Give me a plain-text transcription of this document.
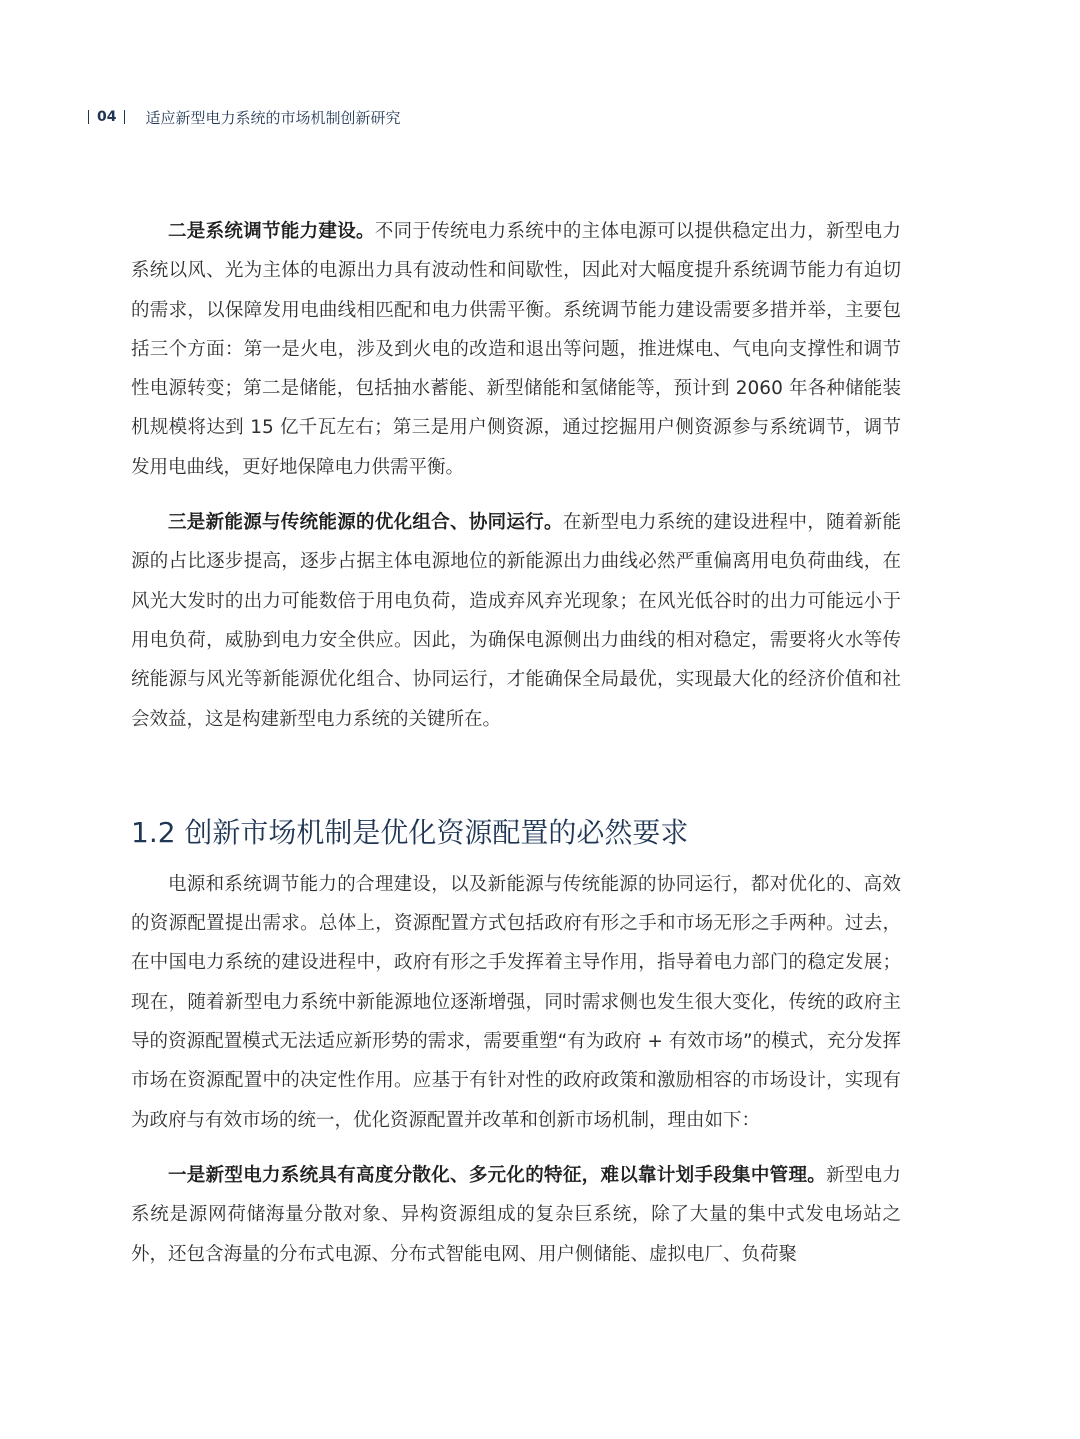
04 适应新型电力系统的市场机制创新研究

二是系统调节能力建设。不同于传统电力系统中的主体电源可以提供稳定出力，新型电力系统以风、光为主体的电源出力具有波动性和间歇性，因此对大幅度提升系统调节能力有迫切的需求，以保障发用电曲线相匹配和电力供需平衡。系统调节能力建设需要多措并举，主要包括三个方面：第一是火电，涉及到火电的改造和退出等问题，推进煤电、气电向支撑性和调节性电源转变；第二是储能，包括抽水蓄能、新型储能和氢储能等，预计到 2060 年各种储能装机规模将达到 15 亿千瓦左右；第三是用户侧资源，通过挖掘用户侧资源参与系统调节，调节发用电曲线，更好地保障电力供需平衡。

三是新能源与传统能源的优化组合、协同运行。在新型电力系统的建设进程中，随着新能源的占比逐步提高，逐步占据主体电源地位的新能源出力曲线必然严重偏离用电负荷曲线，在风光大发时的出力可能数倍于用电负荷，造成弃风弃光现象；在风光低谷时的出力可能远小于用电负荷，威胁到电力安全供应。因此，为确保电源侧出力曲线的相对稳定，需要将火水等传统能源与风光等新能源优化组合、协同运行，才能确保全局最优，实现最大化的经济价值和社会效益，这是构建新型电力系统的关键所在。

1.2 创新市场机制是优化资源配置的必然要求

电源和系统调节能力的合理建设，以及新能源与传统能源的协同运行，都对优化的、高效的资源配置提出需求。总体上，资源配置方式包括政府有形之手和市场无形之手两种。过去，在中国电力系统的建设进程中，政府有形之手发挥着主导作用，指导着电力部门的稳定发展；现在，随着新型电力系统中新能源地位逐渐增强，同时需求侧也发生很大变化，传统的政府主导的资源配置模式无法适应新形势的需求，需要重塑“有为政府 + 有效市场”的模式，充分发挥市场在资源配置中的决定性作用。应基于有针对性的政府政策和激励相容的市场设计，实现有为政府与有效市场的统一，优化资源配置并改革和创新市场机制，理由如下：

一是新型电力系统具有高度分散化、多元化的特征，难以靠计划手段集中管理。新型电力系统是源网荷储海量分散对象、异构资源组成的复杂巨系统，除了大量的集中式发电场站之外，还包含海量的分布式电源、分布式智能电网、用户侧储能、虚拟电厂、负荷聚
